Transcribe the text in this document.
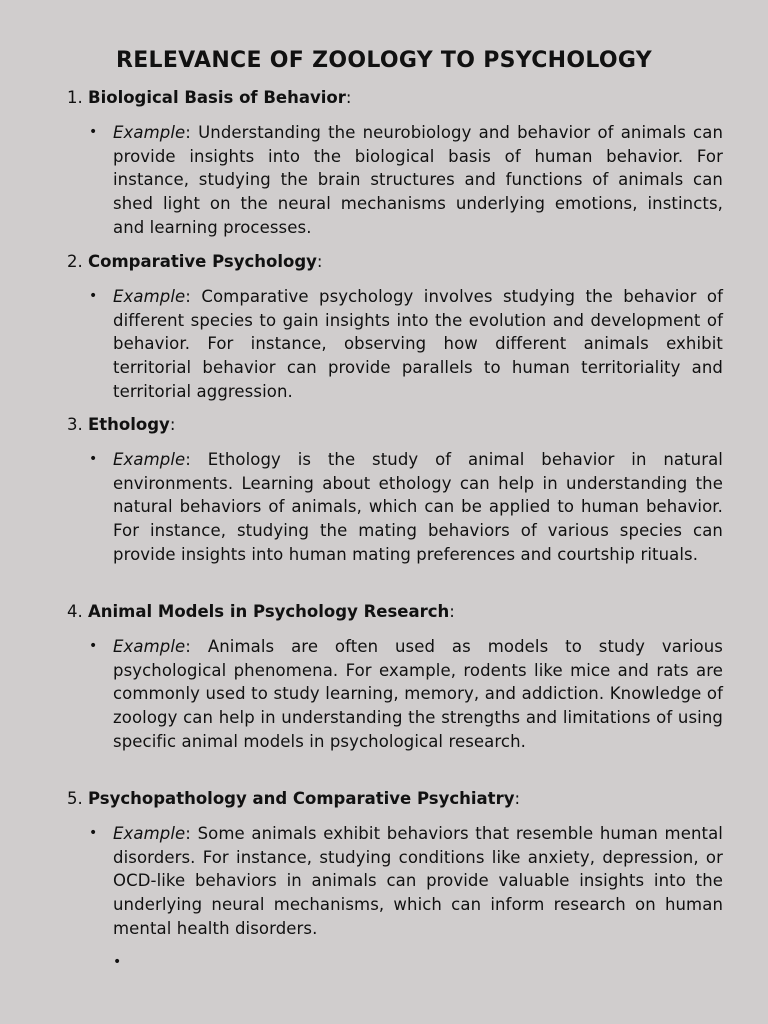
RELEVANCE OF ZOOLOGY TO PSYCHOLOGY

1. Biological Basis of Behavior:

• Example: Understanding the neurobiology and behavior of animals can provide insights into the biological basis of human behavior. For instance, studying the brain structures and functions of animals can shed light on the neural mechanisms underlying emotions, instincts, and learning processes.

2. Comparative Psychology:

• Example: Comparative psychology involves studying the behavior of different species to gain insights into the evolution and development of behavior. For instance, observing how different animals exhibit territorial behavior can provide parallels to human territoriality and territorial aggression.

3. Ethology:

• Example: Ethology is the study of animal behavior in natural environments. Learning about ethology can help in understanding the natural behaviors of animals, which can be applied to human behavior. For instance, studying the mating behaviors of various species can provide insights into human mating preferences and courtship rituals.

4. Animal Models in Psychology Research:

• Example: Animals are often used as models to study various psychological phenomena. For example, rodents like mice and rats are commonly used to study learning, memory, and addiction. Knowledge of zoology can help in understanding the strengths and limitations of using specific animal models in psychological research.

5. Psychopathology and Comparative Psychiatry:

• Example: Some animals exhibit behaviors that resemble human mental disorders. For instance, studying conditions like anxiety, depression, or OCD-like behaviors in animals can provide valuable insights into the underlying neural mechanisms, which can inform research on human mental health disorders.
•
